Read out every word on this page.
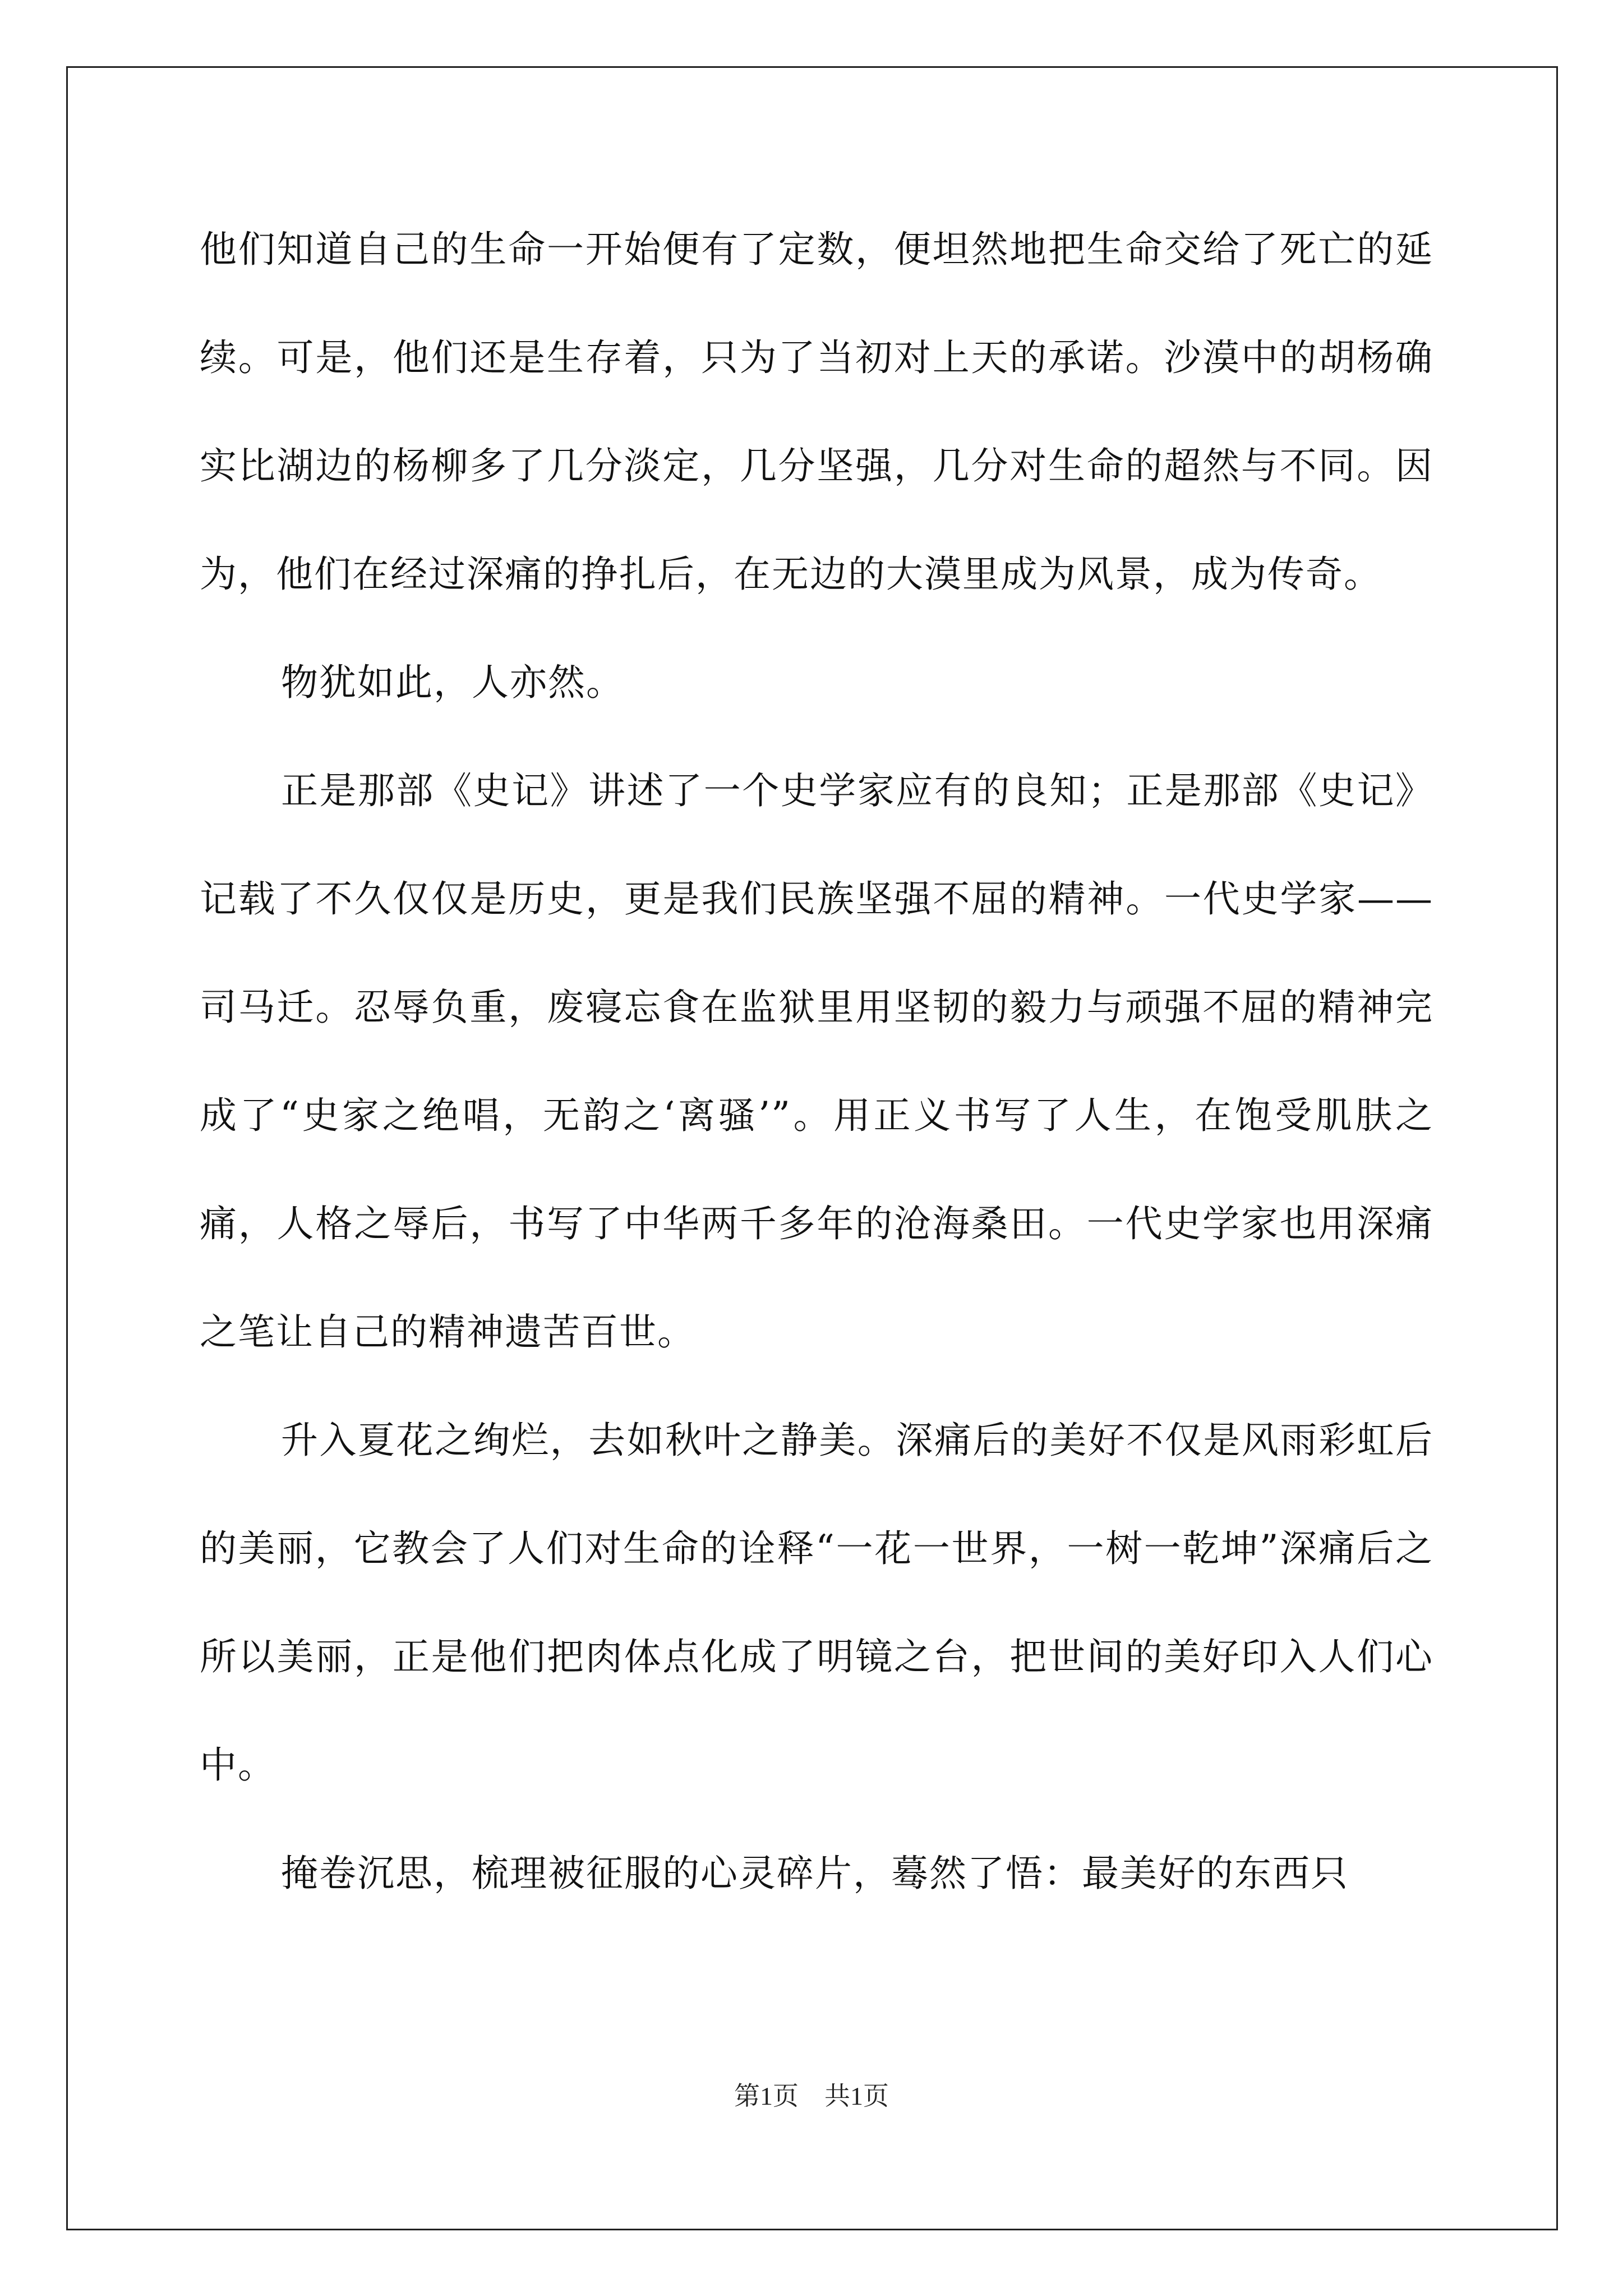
他们知道自己的生命一开始便有了定数，便坦然地把生命交给了死亡的延续。可是，他们还是生存着，只为了当初对上天的承诺。沙漠中的胡杨确实比湖边的杨柳多了几分淡定，几分坚强，几分对生命的超然与不同。因为，他们在经过深痛的挣扎后，在无边的大漠里成为风景，成为传奇。

物犹如此，人亦然。

正是那部《史记》讲述了一个史学家应有的良知；正是那部《史记》记载了不久仅仅是历史，更是我们民族坚强不屈的精神。一代史学家——司马迁。忍辱负重，废寝忘食在监狱里用坚韧的毅力与顽强不屈的精神完成了“史家之绝唱，无韵之‘离骚’”。用正义书写了人生，在饱受肌肤之痛，人格之辱后，书写了中华两千多年的沧海桑田。一代史学家也用深痛之笔让自己的精神遗苦百世。

升入夏花之绚烂，去如秋叶之静美。深痛后的美好不仅是风雨彩虹后的美丽，它教会了人们对生命的诠释“一花一世界，一树一乾坤”深痛后之所以美丽，正是他们把肉体点化成了明镜之台，把世间的美好印入人们心中。

掩卷沉思，梳理被征服的心灵碎片，蓦然了悟：最美好的东西只

第1页　共1页
